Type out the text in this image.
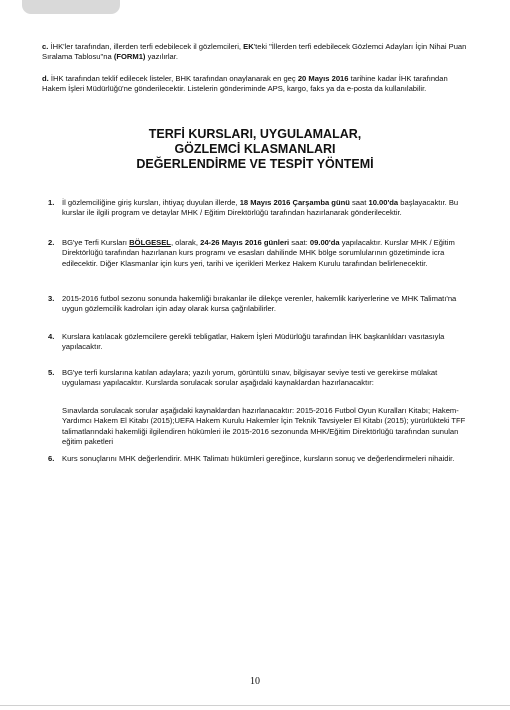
c. İHK'ler tarafından, illerden terfi edebilecek il gözlemcileri, EK'teki "İllerden terfi edebilecek Gözlemci Adayları İçin Nihai Puan Sıralama Tablosu"na (FORM1) yazılırlar.

d. İHK tarafından teklif edilecek listeler, BHK tarafından onaylanarak en geç 20 Mayıs 2016 tarihine kadar İHK tarafından Hakem İşleri Müdürlüğü'ne gönderilecektir. Listelerin gönderiminde APS, kargo, faks ya da e-posta da kullanılabilir.

TERFİ KURSLARI, UYGULAMALAR,
GÖZLEMCİ KLASMANLARI
DEĞERLENDİRME VE TESPİT YÖNTEMİ
1.	İl gözlemciliğine giriş kursları, ihtiyaç duyulan illerde, 18 Mayıs 2016 Çarşamba günü saat 10.00'da başlayacaktır. Bu kurslar ile ilgili program ve detaylar MHK / Eğitim Direktörlüğü tarafından hazırlanarak gönderilecektir.

2.	BG'ye Terfi Kursları BÖLGESEL, olarak, 24-26 Mayıs 2016 günleri saat: 09.00'da yapılacaktır. Kurslar MHK / Eğitim Direktörlüğü tarafından hazırlanan kurs programı ve esasları dahilinde MHK bölge sorumlularının gözetiminde icra edilecektir. Diğer Klasmanlar için kurs yeri, tarihi ve içerikleri Merkez Hakem Kurulu tarafından belirlenecektir.

3.	2015-2016 futbol sezonu sonunda hakemliği bırakanlar ile dilekçe verenler, hakemlik kariyerlerine ve MHK Talimatı'na uygun gözlemcilik kadroları için aday olarak kursa çağrılabilirler.

4.	Kurslara katılacak gözlemcilere gerekli tebligatlar, Hakem İşleri Müdürlüğü tarafından İHK başkanlıkları vasıtasıyla yapılacaktır.

5.	BG'ye terfi kurslarına katılan adaylara; yazılı yorum, görüntülü sınav, bilgisayar seviye testi ve gerekirse mülakat uygulaması yapılacaktır. Kurslarda sorulacak sorular aşağıdaki kaynaklardan hazırlanacaktır:

Sınavlarda sorulacak sorular aşağıdaki kaynaklardan hazırlanacaktır: 2015-2016 Futbol Oyun Kuralları Kitabı; Hakem-Yardımcı Hakem El Kitabı (2015);UEFA Hakem Kurulu Hakemler İçin Teknik Tavsiyeler El Kitabı (2015); yürürlükteki TFF talimatlarındaki hakemliği ilgilendiren hükümleri ile 2015-2016 sezonunda MHK/Eğitim Direktörlüğü tarafından sunulan eğitim paketleri

6.	Kurs sonuçlarını MHK değerlendirir. MHK Talimatı hükümleri gereğince, kursların sonuç ve değerlendirmeleri nihaidir.

10
